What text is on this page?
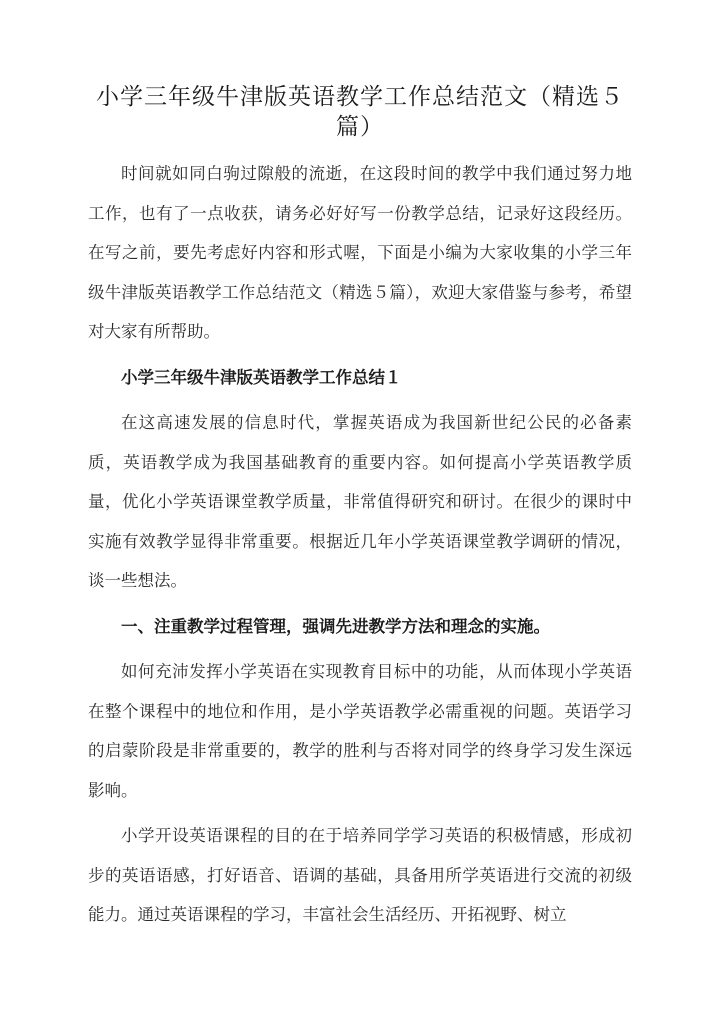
小学三年级牛津版英语教学工作总结范文（精选５篇）

时间就如同白驹过隙般的流逝，在这段时间的教学中我们通过努力地工作，也有了一点收获，请务必好好写一份教学总结，记录好这段经历。在写之前，要先考虑好内容和形式喔，下面是小编为大家收集的小学三年级牛津版英语教学工作总结范文（精选５篇），欢迎大家借鉴与参考，希望对大家有所帮助。

小学三年级牛津版英语教学工作总结１

在这高速发展的信息时代，掌握英语成为我国新世纪公民的必备素质，英语教学成为我国基础教育的重要内容。如何提高小学英语教学质量，优化小学英语课堂教学质量，非常值得研究和研讨。在很少的课时中实施有效教学显得非常重要。根据近几年小学英语课堂教学调研的情况，谈一些想法。

一、注重教学过程管理，强调先进教学方法和理念的实施。

如何充沛发挥小学英语在实现教育目标中的功能，从而体现小学英语在整个课程中的地位和作用，是小学英语教学必需重视的问题。英语学习的启蒙阶段是非常重要的，教学的胜利与否将对同学的终身学习发生深远影响。

小学开设英语课程的目的在于培养同学学习英语的积极情感，形成初步的英语语感，打好语音、语调的基础，具备用所学英语进行交流的初级能力。通过英语课程的学习，丰富社会生活经历、开拓视野、树立
